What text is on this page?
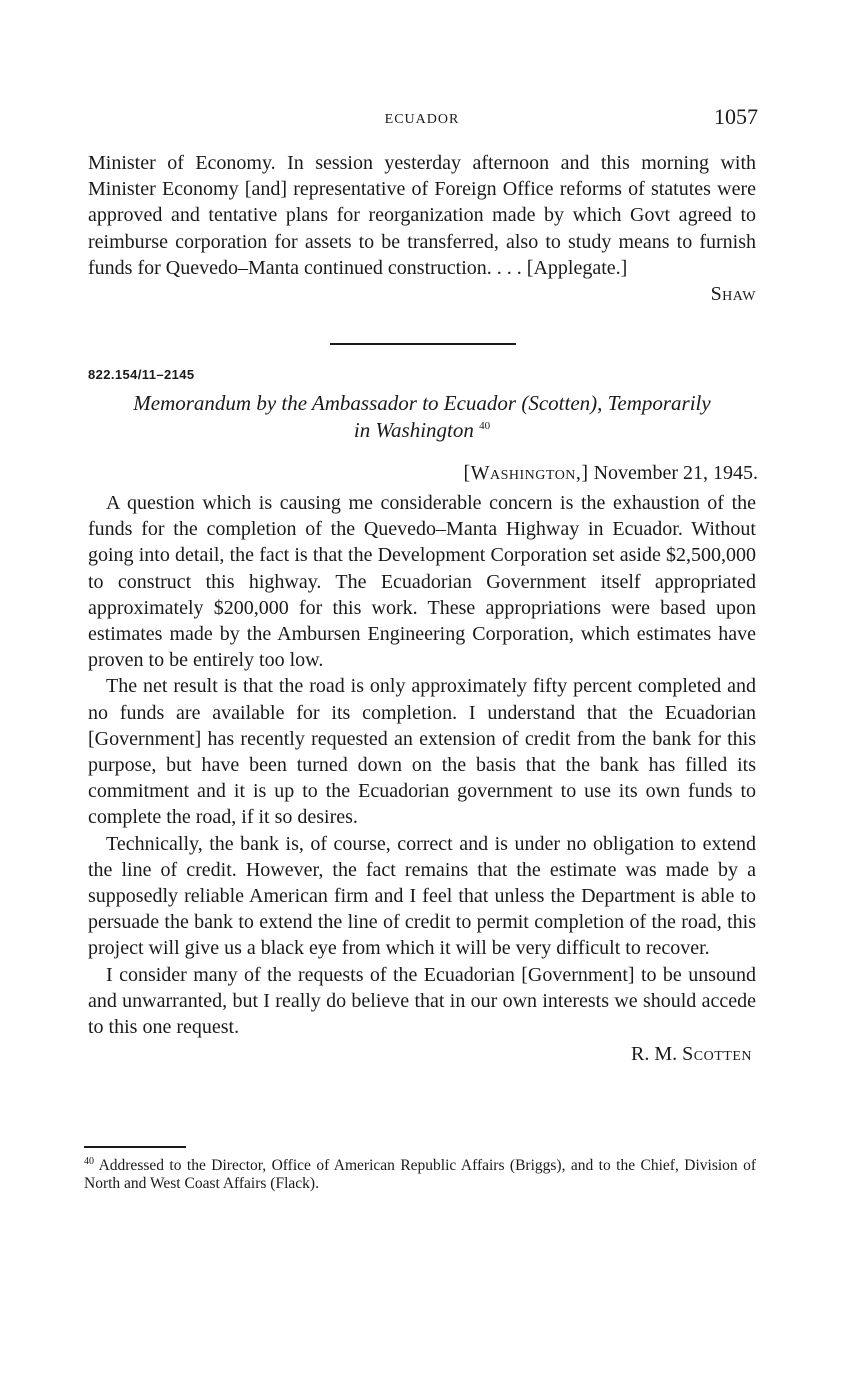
ECUADOR	1057

Minister of Economy. In session yesterday afternoon and this morning with Minister Economy [and] representative of Foreign Office reforms of statutes were approved and tentative plans for reorganization made by which Govt agreed to reimburse corporation for assets to be transferred, also to study means to furnish funds for Quevedo–Manta continued construction. . . . [Applegate.]

Shaw
822.154/11–2145
Memorandum by the Ambassador to Ecuador (Scotten), Temporarily
in Washington $^{40}$
[Washington,] November 21, 1945.

A question which is causing me considerable concern is the exhaustion of the funds for the completion of the Quevedo–Manta Highway in Ecuador. Without going into detail, the fact is that the Development Corporation set aside $2,500,000 to construct this highway. The Ecuadorian Government itself appropriated approximately $200,000 for this work. These appropriations were based upon estimates made by the Ambursen Engineering Corporation, which estimates have proven to be entirely too low.

The net result is that the road is only approximately fifty percent completed and no funds are available for its completion. I understand that the Ecuadorian [Government] has recently requested an extension of credit from the bank for this purpose, but have been turned down on the basis that the bank has filled its commitment and it is up to the Ecuadorian government to use its own funds to complete the road, if it so desires.

Technically, the bank is, of course, correct and is under no obligation to extend the line of credit. However, the fact remains that the estimate was made by a supposedly reliable American firm and I feel that unless the Department is able to persuade the bank to extend the line of credit to permit completion of the road, this project will give us a black eye from which it will be very difficult to recover.

I consider many of the requests of the Ecuadorian [Government] to be unsound and unwarranted, but I really do believe that in our own interests we should accede to this one request.

R. M. Scotten
$^{40}$ Addressed to the Director, Office of American Republic Affairs (Briggs), and to the Chief, Division of North and West Coast Affairs (Flack).
